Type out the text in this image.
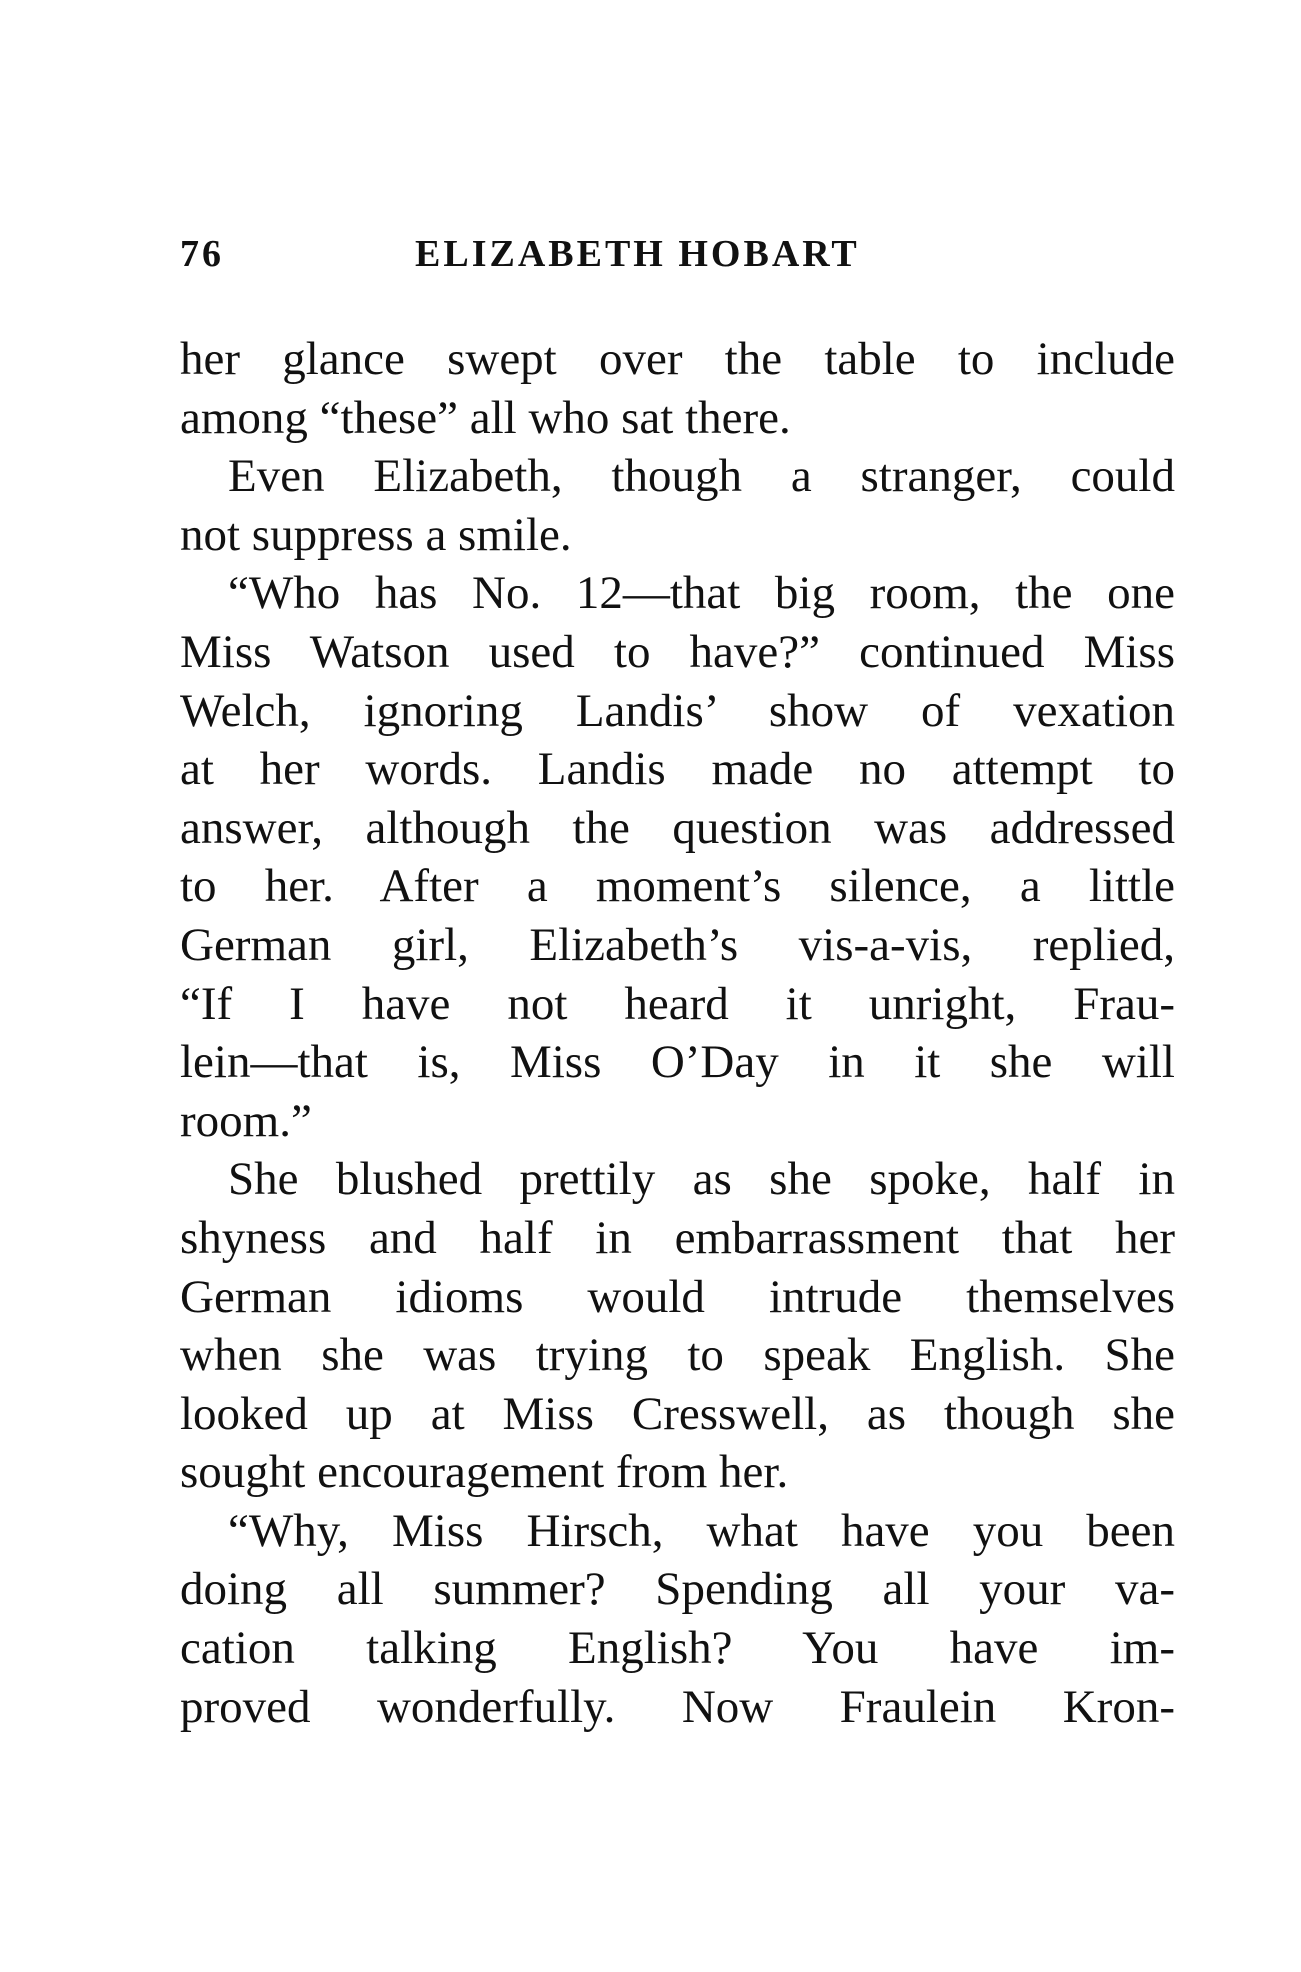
76	ELIZABETH HOBART
her glance swept over the table to include
among “these” all who sat there.
Even Elizabeth, though a stranger, could
not suppress a smile.
“Who has No. 12—that big room, the one
Miss Watson used to have?” continued Miss
Welch, ignoring Landis’ show of vexation
at her words. Landis made no attempt to
answer, although the question was addressed
to her. After a moment’s silence, a little
German girl, Elizabeth’s vis-a-vis, replied,
“If I have not heard it unright, Frau-
lein—that is, Miss O’Day in it she will
room.”
She blushed prettily as she spoke, half in
shyness and half in embarrassment that her
German idioms would intrude themselves
when she was trying to speak English. She
looked up at Miss Cresswell, as though she
sought encouragement from her.
“Why, Miss Hirsch, what have you been
doing all summer? Spending all your va-
cation talking English? You have im-
proved wonderfully. Now Fraulein Kron-
